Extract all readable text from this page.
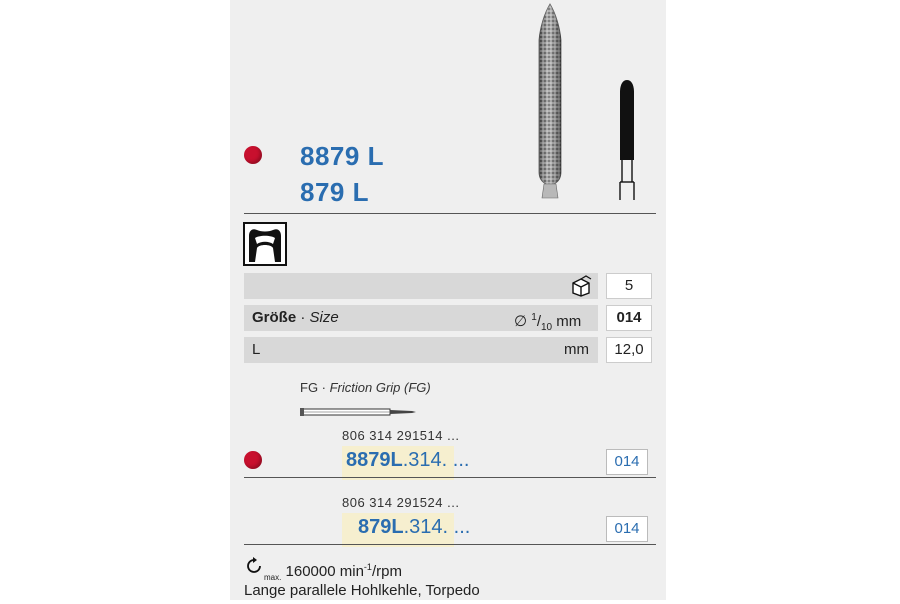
8879 L
879 L
5
Größe · Size	∅ $^1/_{10}$ mm	014
L	mm	12,0
FG · Friction Grip (FG)
806 314 291514 ...
8879L.314. ...	014
806 314 291524 ...
879L.314. ...	014
$_{max.}$ 160000 $\min^{-1}$/rpm
Lange parallele Hohlkehle, Torpedo
